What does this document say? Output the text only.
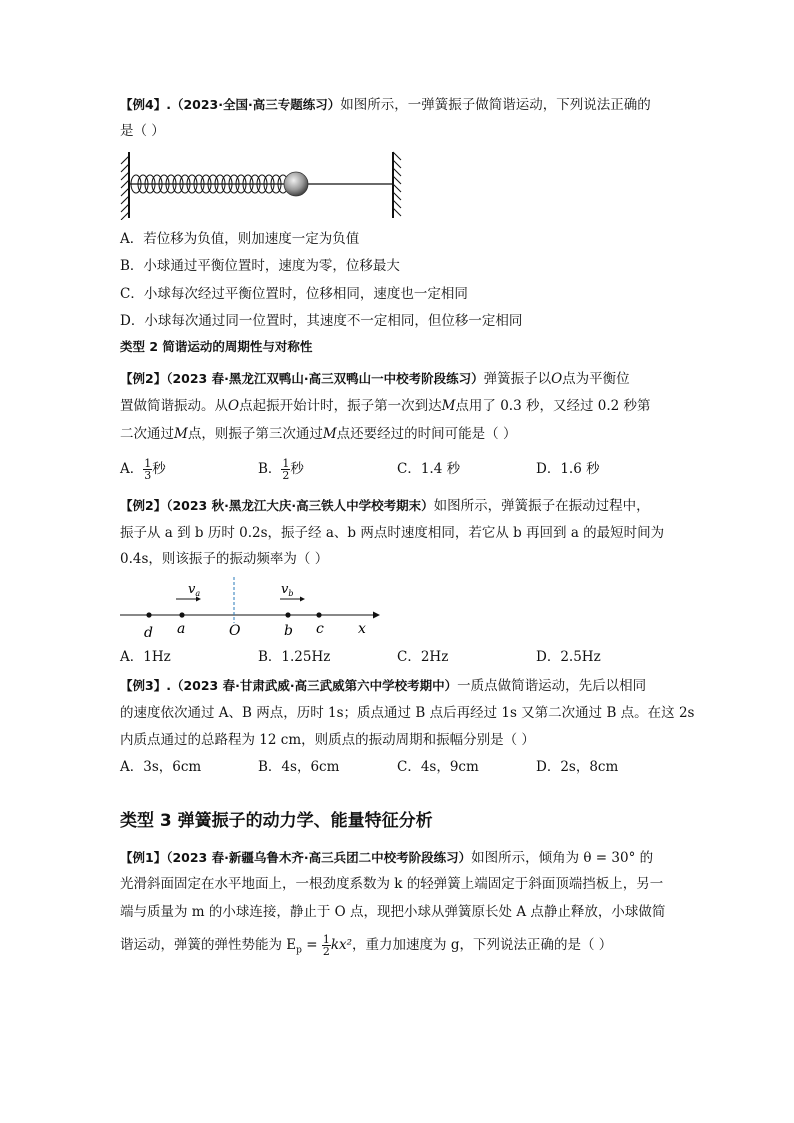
【例4】.（2023·全国·高三专题练习）如图所示，一弹簧振子做简谐运动，下列说法正确的
是（ ）
A．若位移为负值，则加速度一定为负值
B．小球通过平衡位置时，速度为零，位移最大
C．小球每次经过平衡位置时，位移相同，速度也一定相同
D．小球每次通过同一位置时，其速度不一定相同，但位移一定相同
类型 2 简谐运动的周期性与对称性
【例2】（2023 春·黑龙江双鸭山·高三双鸭山一中校考阶段练习）弹簧振子以O点为平衡位
置做简谐振动。从O点起振开始计时，振子第一次到达M点用了 0.3 秒，又经过 0.2 秒第
二次通过M点，则振子第三次通过M点还要经过的时间可能是（ ）
A． $\frac{1}{3}$ 秒	B． $\frac{1}{2}$ 秒	C．1.4 秒	D．1.6 秒
【例2】（2023 秋·黑龙江大庆·高三铁人中学校考期末）如图所示，弹簧振子在振动过程中，
振子从 a 到 b 历时 0.2s，振子经 a、b 两点时速度相同，若它从 b 再回到 a 的最短时间为
0.4s，则该振子的振动频率为（ ）
$v_a$	$v_b$
d a	O	b c x
A．1Hz	B．1.25Hz	C．2Hz	D．2.5Hz
【例3】.（2023 春·甘肃武威·高三武威第六中学校考期中）一质点做简谐运动，先后以相同
的速度依次通过 A、B 两点，历时 1s；质点通过 B 点后再经过 1s 又第二次通过 B 点。在这 2s
内质点通过的总路程为 12 cm，则质点的振动周期和振幅分别是（ ）
A．3s，6cm	B．4s，6cm	C．4s，9cm	D．2s，8cm
类型 3 弹簧振子的动力学、能量特征分析
【例1】（2023 春·新疆乌鲁木齐·高三兵团二中校考阶段练习）如图所示，倾角为 θ = 30° 的
光滑斜面固定在水平地面上，一根劲度系数为 k 的轻弹簧上端固定于斜面顶端挡板上，另一
端与质量为 m 的小球连接，静止于 O 点，现把小球从弹簧原长处 A 点静止释放，小球做简
谐运动，弹簧的弹性势能为 $E_p = \frac{1}{2} kx^2$，重力加速度为 g，下列说法正确的是（ ）
